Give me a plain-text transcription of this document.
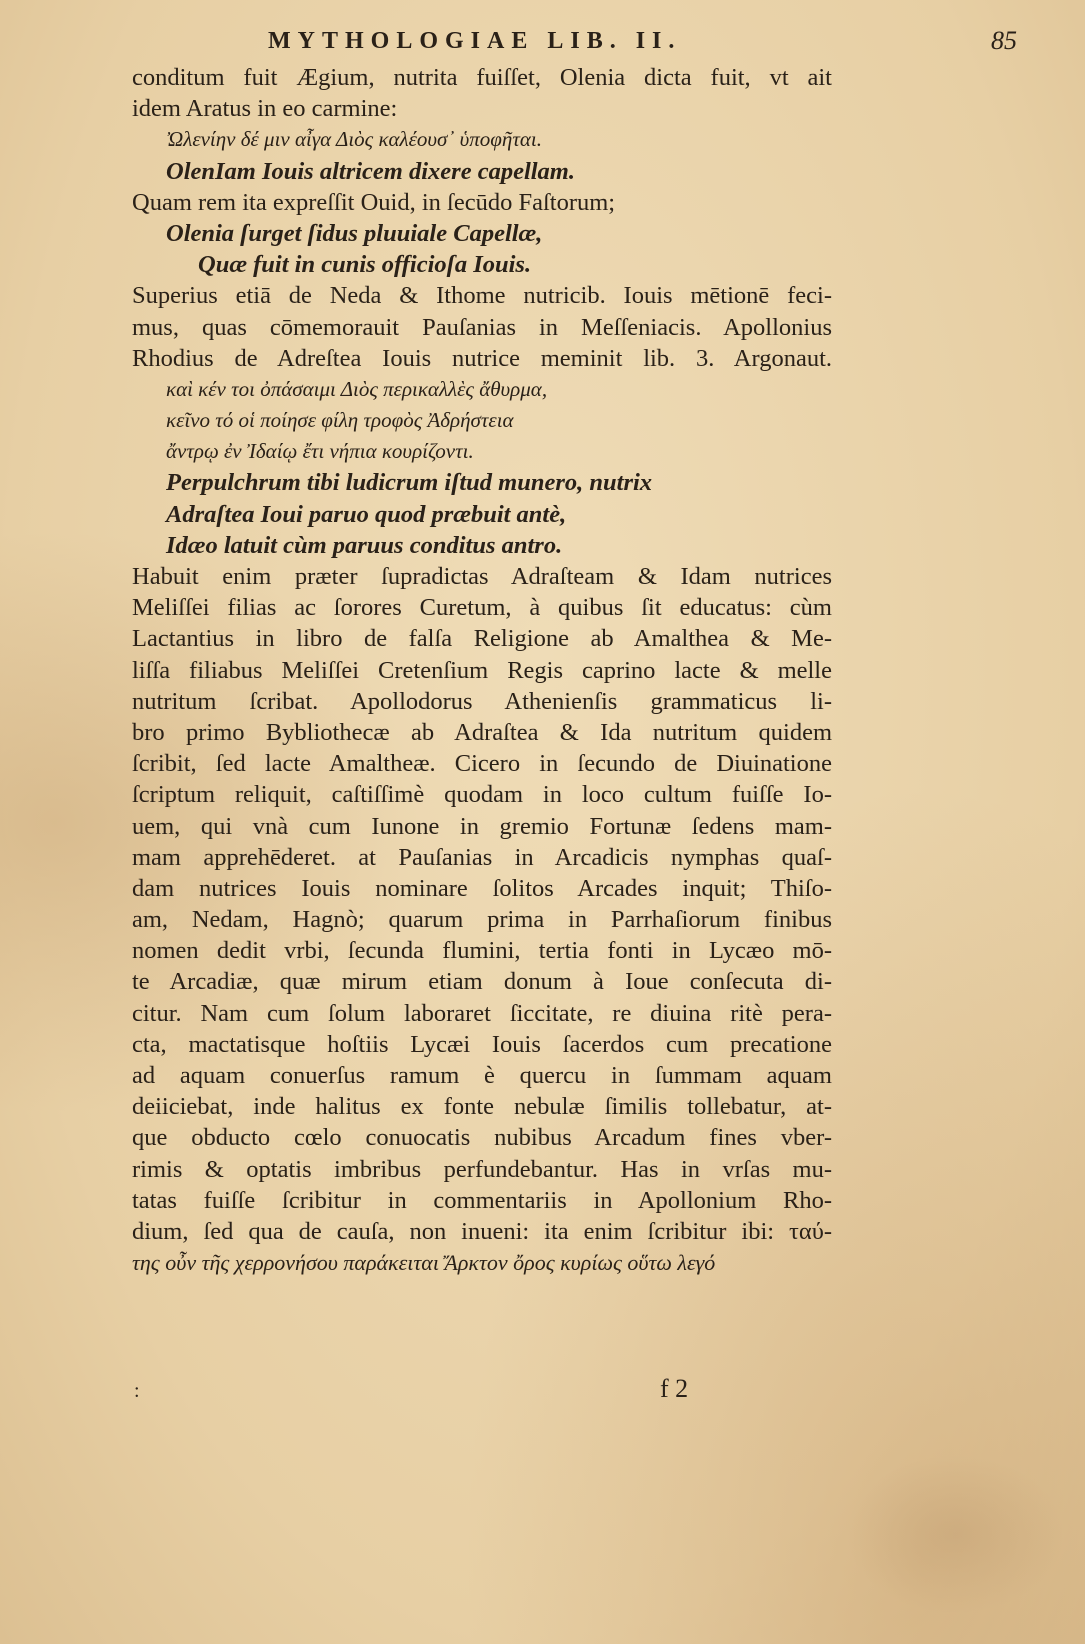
MYTHOLOGIAE LIB. II.	85
conditum fuit Ægium, nutrita fuiſſet, Olenia dicta fuit, vt ait
idem Aratus in eo carmine:
Ὠλενίην δέ μιν αἶγα Διὸς καλέουσ᾽ ὑποφῆται.
OlenIam Iouis altricem dixere capellam.
Quam rem ita expreſſit Ouid, in ſecūdo Faſtorum;
Olenia ſurget ſidus pluuiale Capellæ,
Quæ fuit in cunis officioſa Iouis.
Superius etiā de Neda & Ithome nutricib. Iouis mētionē feci-
mus, quas cōmemorauit Pauſanias in Meſſeniacis. Apollonius
Rhodius de Adreſtea Iouis nutrice meminit lib. 3. Argonaut.
καὶ κέν τοι ὀπάσαιμι Διὸς περικαλλὲς ἄθυρμα,
κεῖνο τό οἱ ποίησε φίλη τροφὸς Ἀδρήστεια
ἄντρῳ ἐν Ἰδαίῳ ἔτι νήπια κουρίζοντι.
Perpulchrum tibi ludicrum iſtud munero, nutrix
Adraſtea Ioui paruo quod præbuit antè,
Idæo latuit cùm paruus conditus antro.
Habuit enim præter ſupradictas Adraſteam & Idam nutrices
Meliſſei filias ac ſorores Curetum, à quibus ſit educatus: cùm
Lactantius in libro de falſa Religione ab Amalthea & Me-
liſſa filiabus Meliſſei Cretenſium Regis caprino lacte & melle
nutritum ſcribat. Apollodorus Athenienſis grammaticus li-
bro primo Bybliothecæ ab Adraſtea & Ida nutritum quidem
ſcribit, ſed lacte Amaltheæ. Cicero in ſecundo de Diuinatione
ſcriptum reliquit, caſtiſſimè quodam in loco cultum fuiſſe Io-
uem, qui vnà cum Iunone in gremio Fortunæ ſedens mam-
mam apprehēderet. at Pauſanias in Arcadicis nymphas quaſ-
dam nutrices Iouis nominare ſolitos Arcades inquit; Thiſo-
am, Nedam, Hagnò; quarum prima in Parrhaſiorum finibus
nomen dedit vrbi, ſecunda flumini, tertia fonti in Lycæo mō-
te Arcadiæ, quæ mirum etiam donum à Ioue conſecuta di-
citur. Nam cum ſolum laboraret ſiccitate, re diuina ritè pera-
cta, mactatisque hoſtiis Lycæi Iouis ſacerdos cum precatione
ad aquam conuerſus ramum è quercu in ſummam aquam
deiiciebat, inde halitus ex fonte nebulæ ſimilis tollebatur, at-
que obducto cœlo conuocatis nubibus Arcadum fines vber-
rimis & optatis imbribus perfundebantur. Has in vrſas mu-
tatas fuiſſe ſcribitur in commentariis in Apollonium Rho-
dium, ſed qua de cauſa, non inueni: ita enim ſcribitur ibi: ταύ-
της οὖν τῆς χερρονήσου παράκειται Ἄρκτον ὄρος κυρίως οὕτω λεγό
:	f 2
